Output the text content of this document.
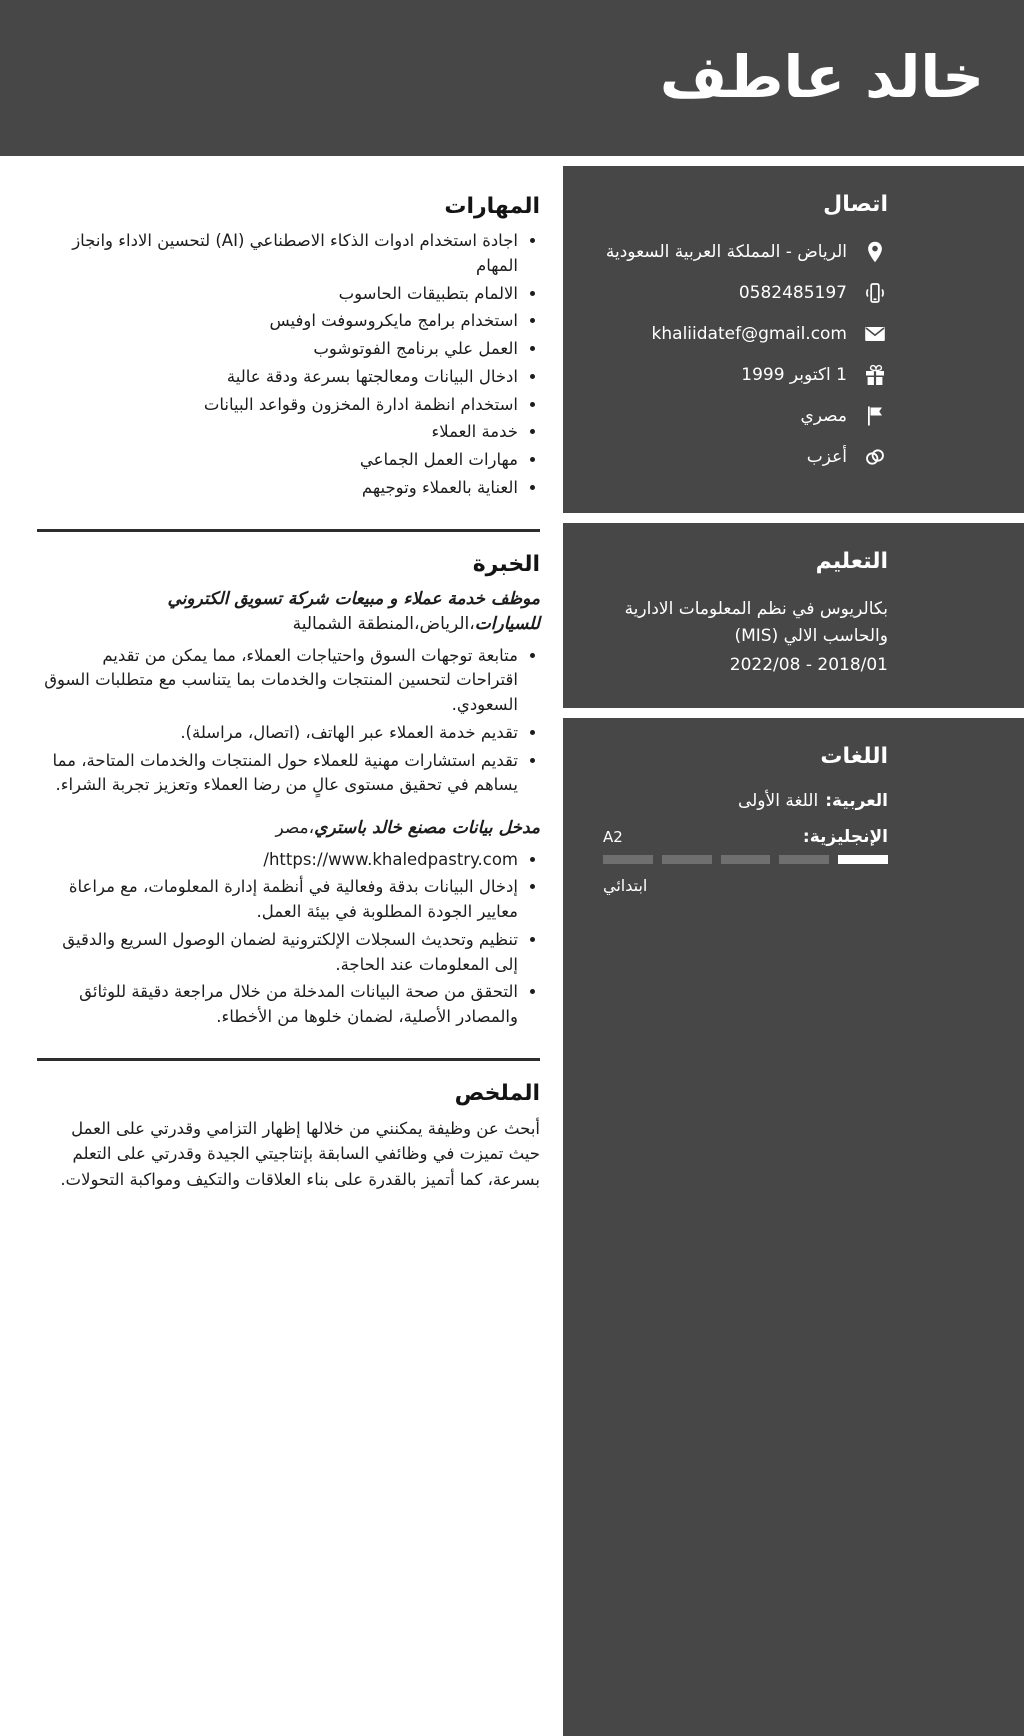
خالد عاطف
اتصال
الرياض - المملكة العربية السعودية
0582485197
khaliidatef@gmail.com
1 اكتوبر 1999
مصري
أعزب
التعليم
بكالريوس في نظم المعلومات الادارية والحاسب الالي (MIS)
2018/01 - 2022/08
اللغات
العربية:
اللغة الأولى
الإنجليزية:
A2
ابتدائي
المهارات
• اجادة استخدام ادوات الذكاء الاصطناعي (AI) لتحسين الاداء وانجاز المهام
• الالمام بتطبيقات الحاسوب
• استخدام برامج مايكروسوفت اوفيس
• العمل علي برنامج الفوتوشوب
• ادخال البيانات ومعالجتها بسرعة ودقة عالية
• استخدام انظمة ادارة المخزون وقواعد البيانات
• خدمة العملاء
• مهارات العمل الجماعي
• العناية بالعملاء وتوجيهم
الخبرة

موظف خدمة عملاء و مبيعات شركة تسويق الكتروني للسيارات،الرياض،المنطقة الشمالية

• متابعة توجهات السوق واحتياجات العملاء، مما يمكن من تقديم اقتراحات لتحسين المنتجات والخدمات بما يتناسب مع متطلبات السوق السعودي.
• تقديم خدمة العملاء عبر الهاتف، (اتصال، مراسلة).
• تقديم استشارات مهنية للعملاء حول المنتجات والخدمات المتاحة، مما يساهم في تحقيق مستوى عالٍ من رضا العملاء وتعزيز تجربة الشراء.

مدخل بيانات مصنع خالد باستري،مصر

• https://www.khaledpastry.com/
• إدخال البيانات بدقة وفعالية في أنظمة إدارة المعلومات، مع مراعاة معايير الجودة المطلوبة في بيئة العمل.
• تنظيم وتحديث السجلات الإلكترونية لضمان الوصول السريع والدقيق إلى المعلومات عند الحاجة.
• التحقق من صحة البيانات المدخلة من خلال مراجعة دقيقة للوثائق والمصادر الأصلية، لضمان خلوها من الأخطاء.
الملخص

أبحث عن وظيفة يمكنني من خلالها إظهار التزامي وقدرتي على العمل حيث تميزت في وظائفي السابقة بإنتاجيتي الجيدة وقدرتي على التعلم بسرعة، كما أتميز بالقدرة على بناء العلاقات والتكيف ومواكبة التحولات.
